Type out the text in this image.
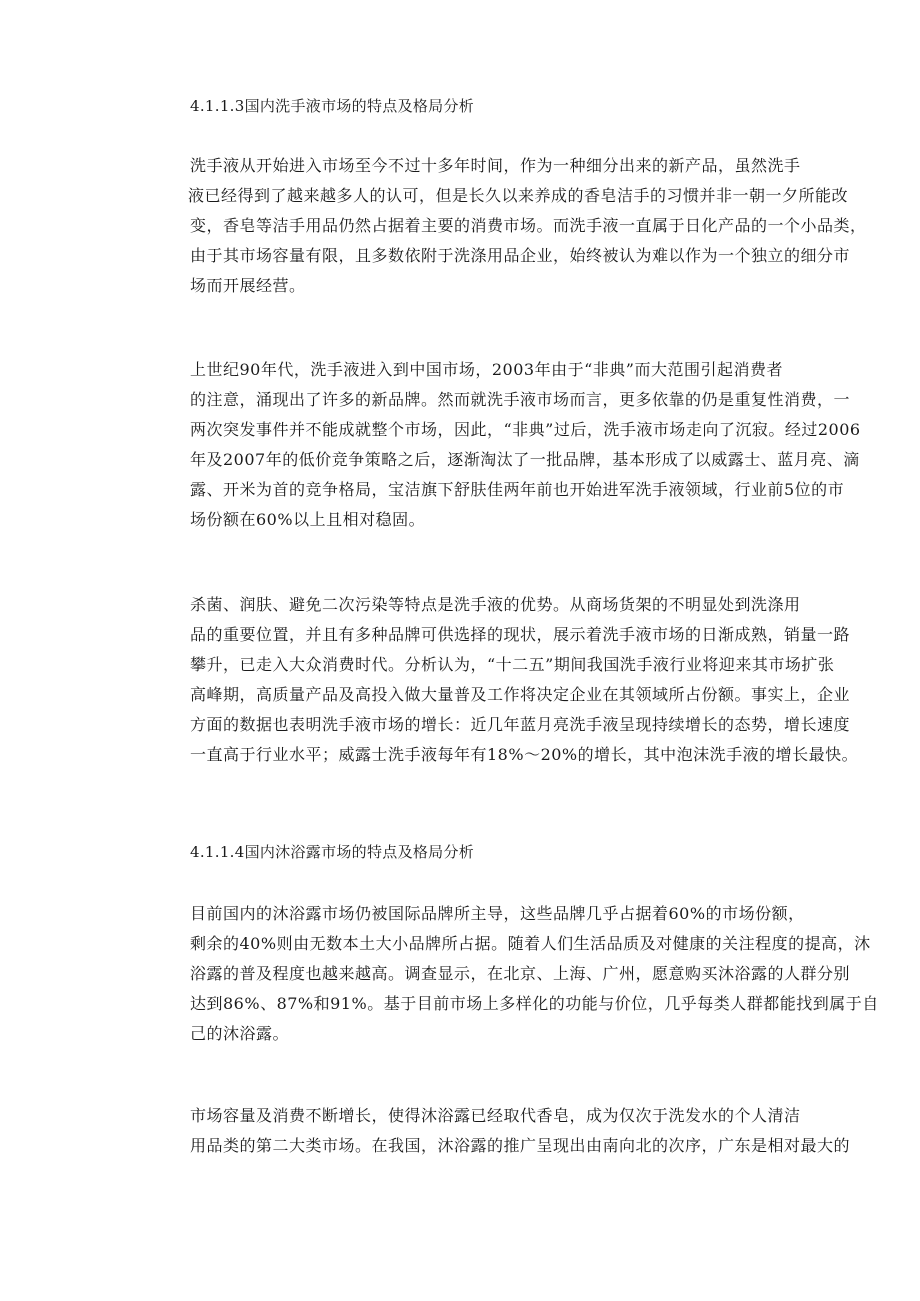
4.1.1.3国内洗手液市场的特点及格局分析

洗手液从开始进入市场至今不过十多年时间，作为一种细分出来的新产品，虽然洗手
液已经得到了越来越多人的认可，但是长久以来养成的香皂洁手的习惯并非一朝一夕所能改
变，香皂等洁手用品仍然占据着主要的消费市场。而洗手液一直属于日化产品的一个小品类，
由于其市场容量有限，且多数依附于洗涤用品企业，始终被认为难以作为一个独立的细分市
场而开展经营。

上世纪90年代，洗手液进入到中国市场，2003年由于“非典”而大范围引起消费者
的注意，涌现出了许多的新品牌。然而就洗手液市场而言，更多依靠的仍是重复性消费，一
两次突发事件并不能成就整个市场，因此，“非典”过后，洗手液市场走向了沉寂。经过2006
年及2007年的低价竞争策略之后，逐渐淘汰了一批品牌，基本形成了以威露士、蓝月亮、滴
露、开米为首的竞争格局，宝洁旗下舒肤佳两年前也开始进军洗手液领域，行业前5位的市
场份额在60%以上且相对稳固。

杀菌、润肤、避免二次污染等特点是洗手液的优势。从商场货架的不明显处到洗涤用
品的重要位置，并且有多种品牌可供选择的现状，展示着洗手液市场的日渐成熟，销量一路
攀升，已走入大众消费时代。分析认为，“十二五”期间我国洗手液行业将迎来其市场扩张
高峰期，高质量产品及高投入做大量普及工作将决定企业在其领域所占份额。事实上，企业
方面的数据也表明洗手液市场的增长：近几年蓝月亮洗手液呈现持续增长的态势，增长速度
一直高于行业水平；威露士洗手液每年有18%～20%的增长，其中泡沫洗手液的增长最快。

4.1.1.4国内沐浴露市场的特点及格局分析

目前国内的沐浴露市场仍被国际品牌所主导，这些品牌几乎占据着60%的市场份额，
剩余的40%则由无数本土大小品牌所占据。随着人们生活品质及对健康的关注程度的提高，沐
浴露的普及程度也越来越高。调查显示，在北京、上海、广州，愿意购买沐浴露的人群分别
达到86%、87%和91%。基于目前市场上多样化的功能与价位，几乎每类人群都能找到属于自
己的沐浴露。

市场容量及消费不断增长，使得沐浴露已经取代香皂，成为仅次于洗发水的个人清洁
用品类的第二大类市场。在我国，沐浴露的推广呈现出由南向北的次序，广东是相对最大的
